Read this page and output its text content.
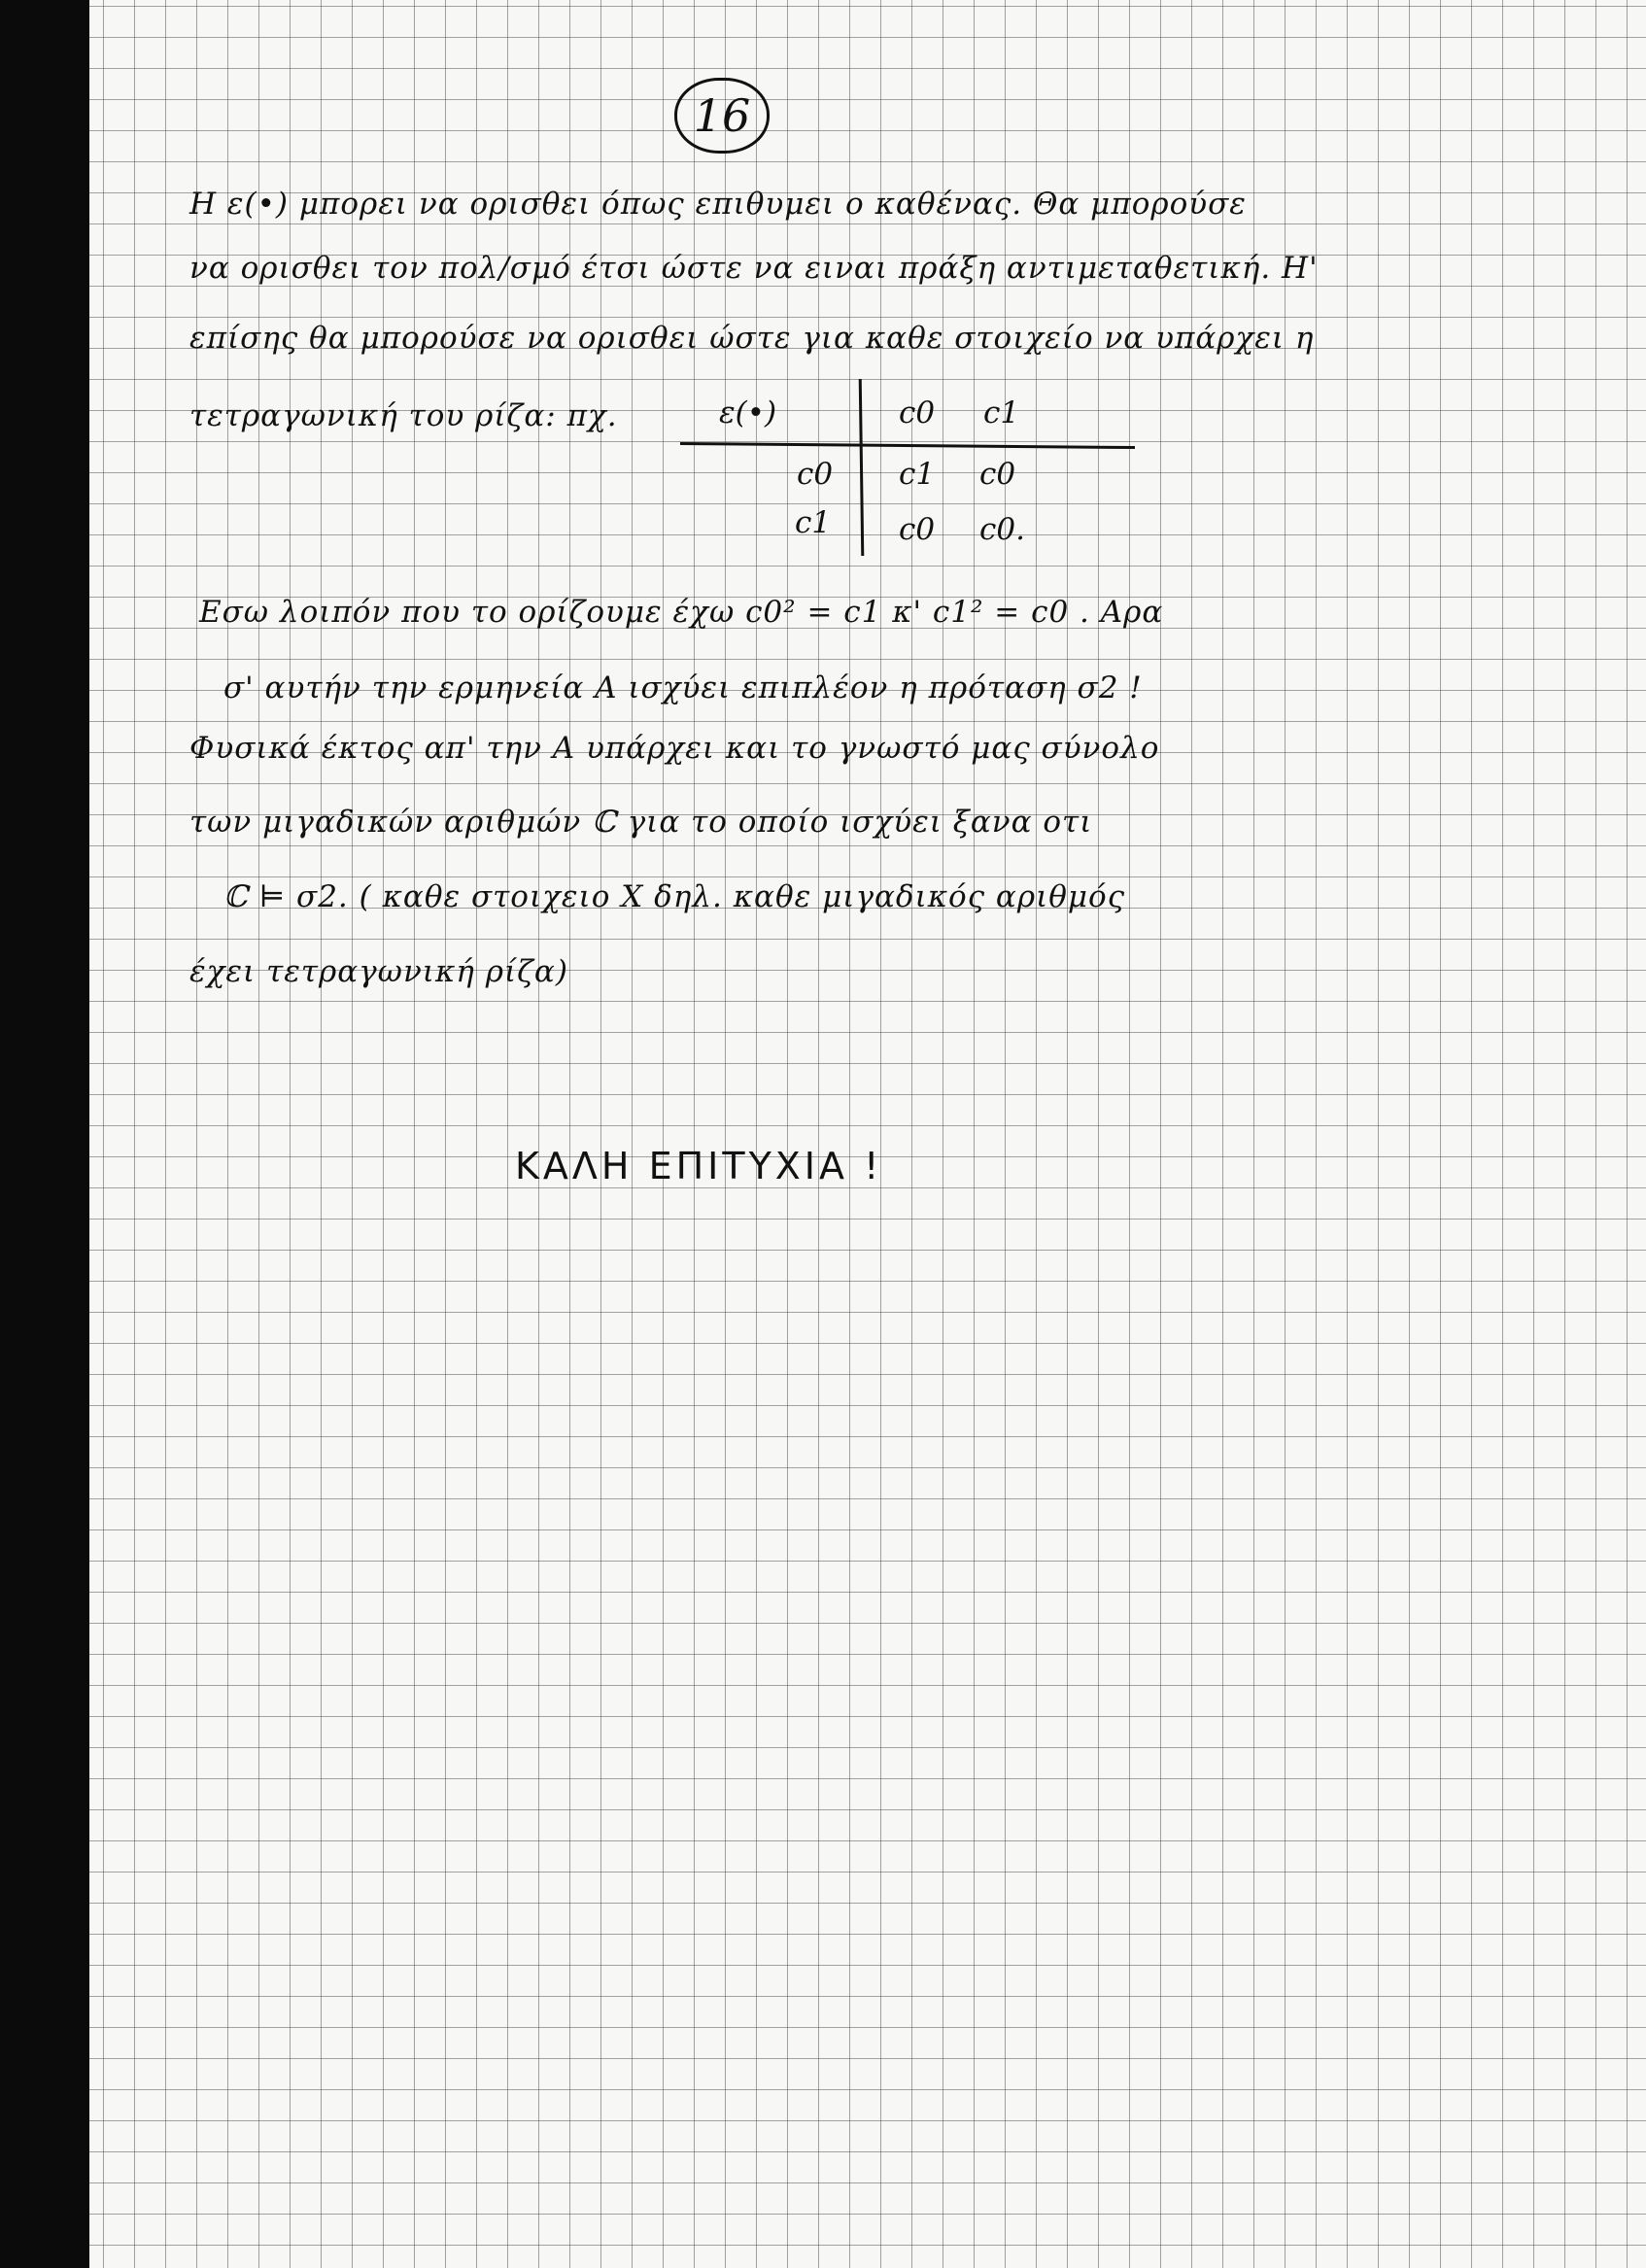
16
Η ε(•) μπορει να ορισθει όπως επιθυμει ο καθένας. Θα μπορούσε
να ορισθει τον πολ/σμό έτσι ώστε να ειναι πράξη αντιμεταθετική. Η'
επίσης θα μπορούσε να ορισθει ώστε για καθε στοιχείο να υπάρχει η
τετραγωνική του ρίζα: πχ.	ε(•)	c0 c1
c0 c1 c0
c1 c0 c0.
Εσω λοιπόν που το ορίζουμε έχω c0² = c1 κ' c1² = c0 . Αρα
σ' αυτήν την ερμηνεία Α ισχύει επιπλέον η πρόταση σ2 !
Φυσικά έκτος απ' την Α υπάρχει και το γνωστό μας σύνολο
των μιγαδικών αριθμών ℂ για το οποίο ισχύει ξανα οτι
ℂ ⊨ σ2. ( καθε στοιχειο Χ δηλ. καθε μιγαδικός αριθμός
έχει τετραγωνική ρίζα)
ΚΑΛΗ ΕΠΙΤΥΧΙΑ !
